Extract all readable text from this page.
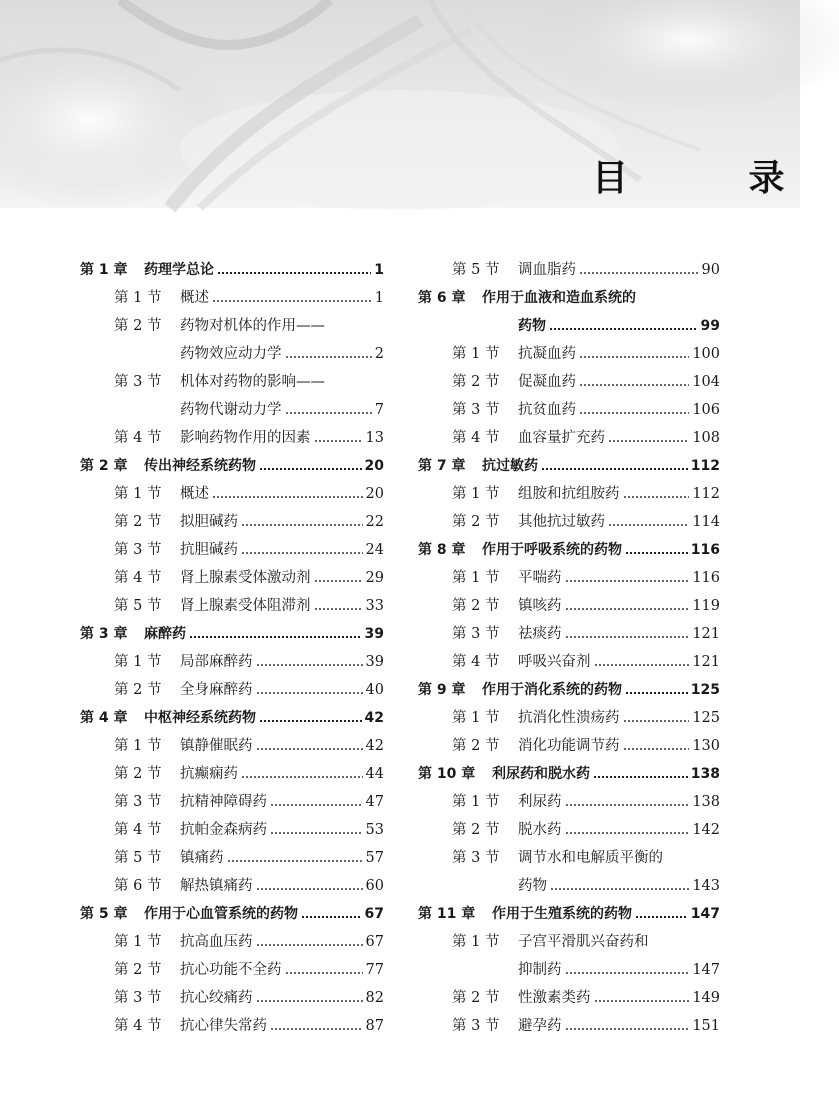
目 录
第 1 章	药理学总论	1
第 1 节	概述	1
第 2 节	药物对机体的作用——
药物效应动力学	2
第 3 节	机体对药物的影响——
药物代谢动力学	7
第 4 节	影响药物作用的因素	13
第 2 章	传出神经系统药物	20
第 1 节	概述	20
第 2 节	拟胆碱药	22
第 3 节	抗胆碱药	24
第 4 节	肾上腺素受体激动剂	29
第 5 节	肾上腺素受体阻滞剂	33
第 3 章	麻醉药	39
第 1 节	局部麻醉药	39
第 2 节	全身麻醉药	40
第 4 章	中枢神经系统药物	42
第 1 节	镇静催眠药	42
第 2 节	抗癫痫药	44
第 3 节	抗精神障碍药	47
第 4 节	抗帕金森病药	53
第 5 节	镇痛药	57
第 6 节	解热镇痛药	60
第 5 章	作用于心血管系统的药物	67
第 1 节	抗高血压药	67
第 2 节	抗心功能不全药	77
第 3 节	抗心绞痛药	82
第 4 节	抗心律失常药	87
第 5 节	调血脂药	90
第 6 章	作用于血液和造血系统的
药物	99
第 1 节	抗凝血药	100
第 2 节	促凝血药	104
第 3 节	抗贫血药	106
第 4 节	血容量扩充药	108
第 7 章	抗过敏药	112
第 1 节	组胺和抗组胺药	112
第 2 节	其他抗过敏药	114
第 8 章	作用于呼吸系统的药物	116
第 1 节	平喘药	116
第 2 节	镇咳药	119
第 3 节	祛痰药	121
第 4 节	呼吸兴奋剂	121
第 9 章	作用于消化系统的药物	125
第 1 节	抗消化性溃疡药	125
第 2 节	消化功能调节药	130
第 10 章	利尿药和脱水药	138
第 1 节	利尿药	138
第 2 节	脱水药	142
第 3 节	调节水和电解质平衡的
药物	143
第 11 章	作用于生殖系统的药物	147
第 1 节	子宫平滑肌兴奋药和
抑制药	147
第 2 节	性激素类药	149
第 3 节	避孕药	151
